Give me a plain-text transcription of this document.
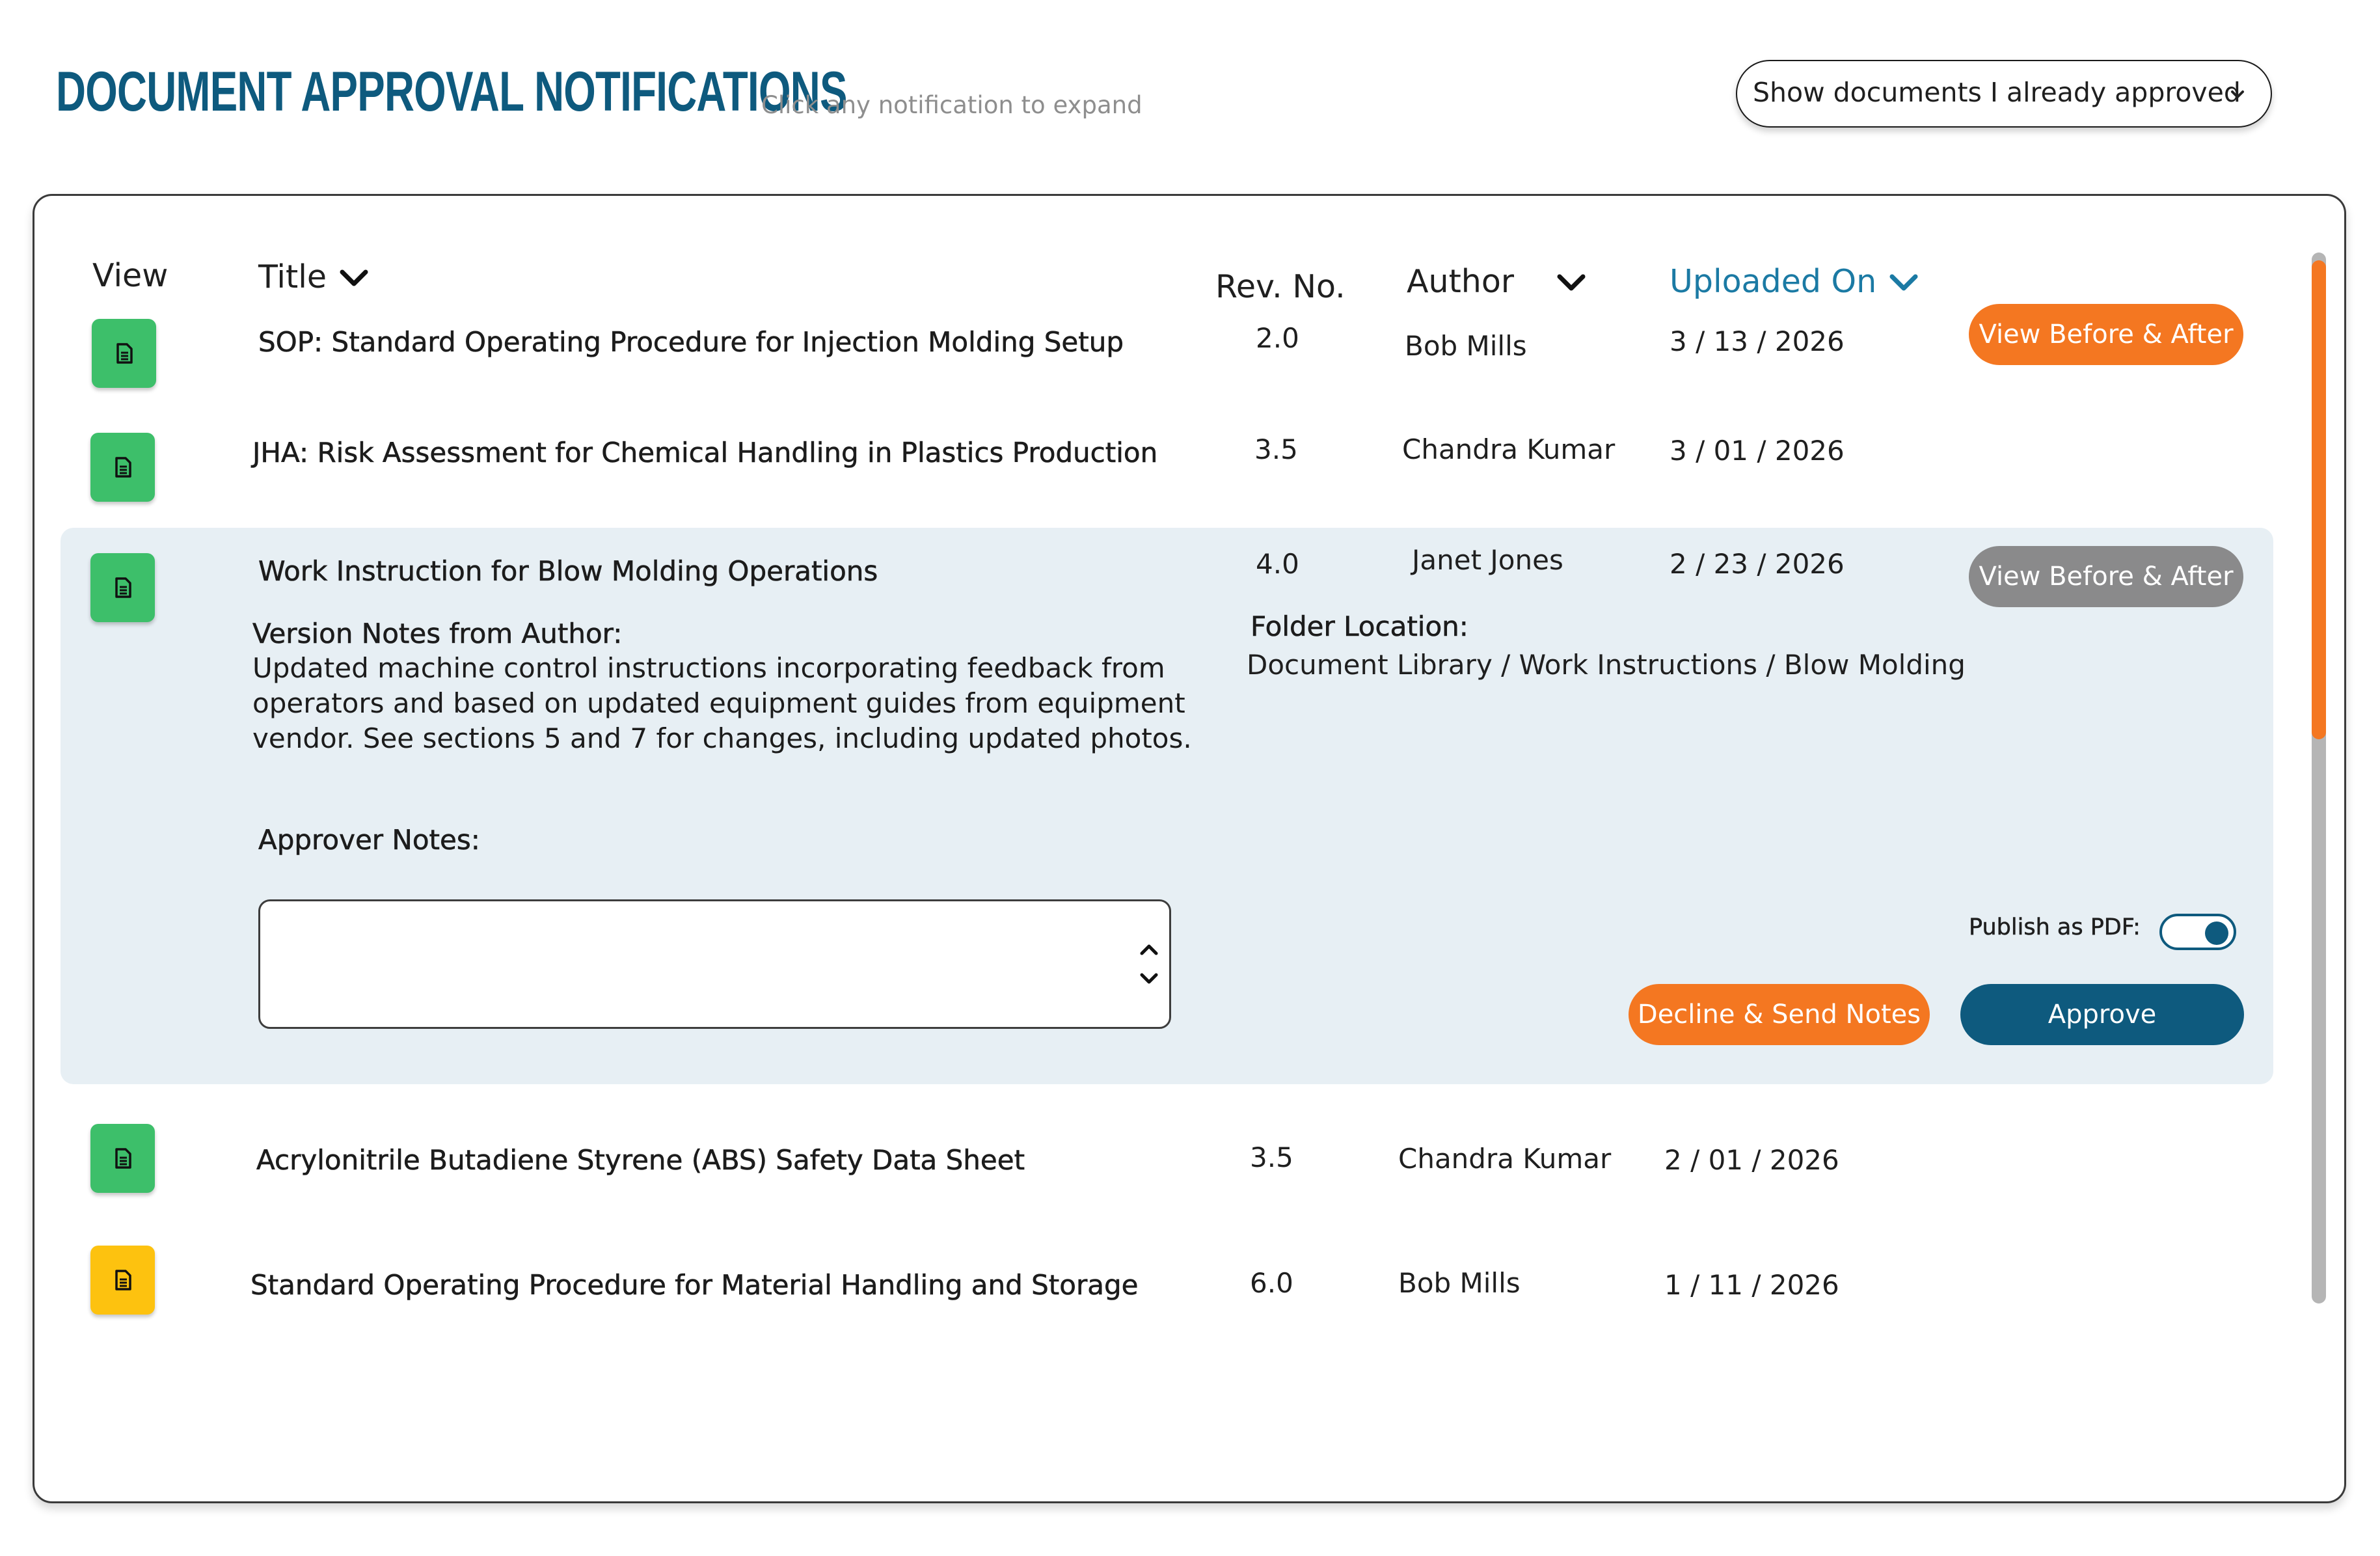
DOCUMENT APPROVAL NOTIFICATIONS
Click any notification to expand	Show documents I already approved
View	Title	Rev. No. Author	Uploaded On
SOP: Standard Operating Procedure for Injection Molding Setup	2.0	Bob Mills	3 / 13 / 2026	View Before & After
JHA: Risk Assessment for Chemical Handling in Plastics Production	3.5	Chandra Kumar 3 / 01 / 2026
Work Instruction for Blow Molding Operations	4.0	Janet Jones	2 / 23 / 2026	View Before & After
Version Notes from Author:
Updated machine control instructions incorporating feedback from operators and based on updated equipment guides from equipment vendor. See sections 5 and 7 for changes, including updated photos.
Folder Location:
Document Library / Work Instructions / Blow Molding
Approver Notes:
Publish as PDF:
Decline & Send Notes	Approve
Acrylonitrile Butadiene Styrene (ABS) Safety Data Sheet	3.5	Chandra Kumar 2 / 01 / 2026
Standard Operating Procedure for Material Handling and Storage	6.0	Bob Mills	1 / 11 / 2026
